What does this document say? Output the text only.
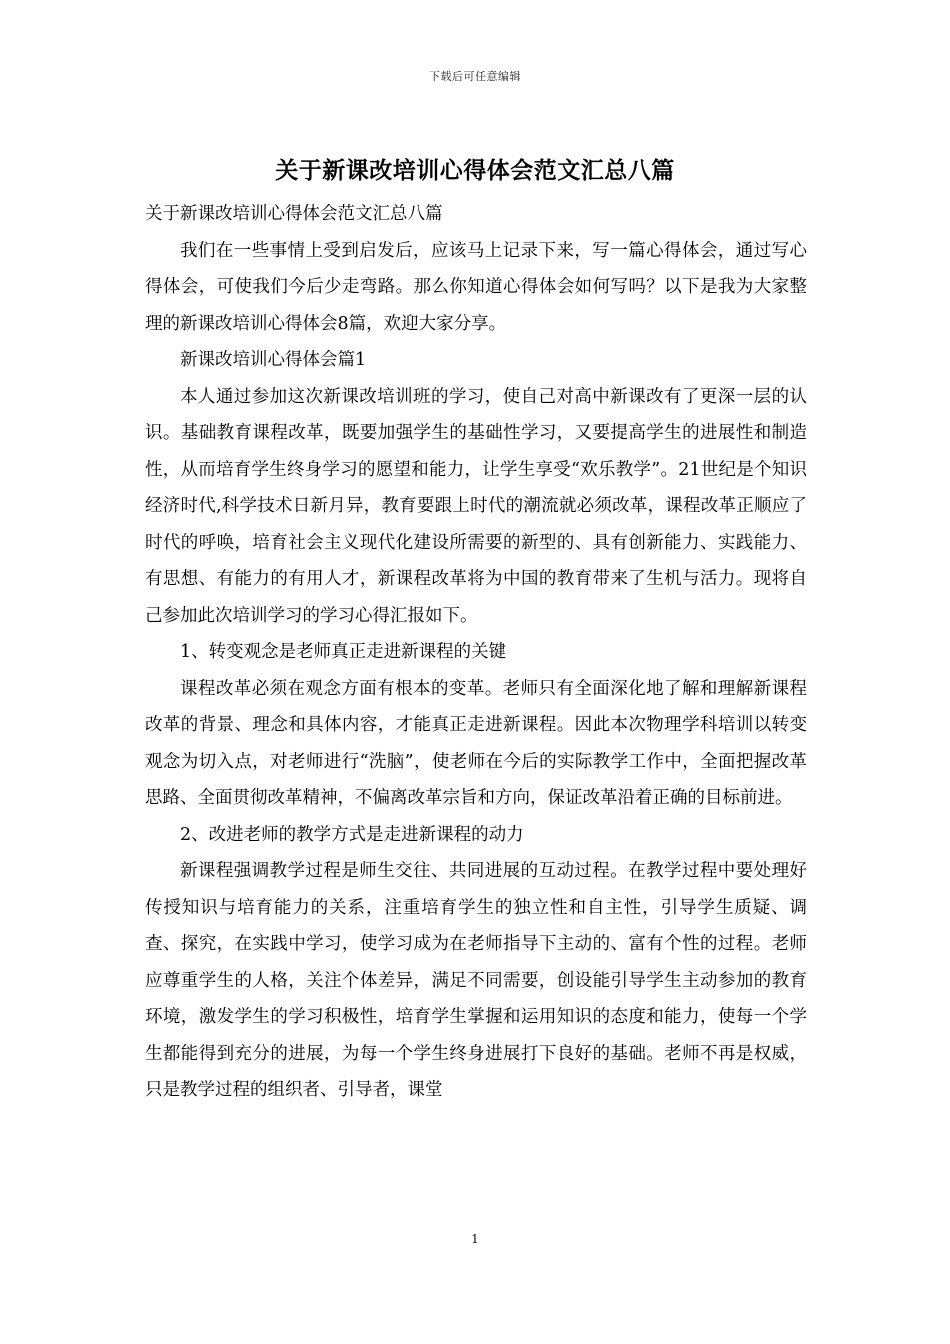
下载后可任意编辑
关于新课改培训心得体会范文汇总八篇

关于新课改培训心得体会范文汇总八篇

我们在一些事情上受到启发后，应该马上记录下来，写一篇心得体会，通过写心得体会，可使我们今后少走弯路。那么你知道心得体会如何写吗？以下是我为大家整理的新课改培训心得体会8篇，欢迎大家分享。

新课改培训心得体会篇1

本人通过参加这次新课改培训班的学习，使自己对高中新课改有了更深一层的认识。基础教育课程改革，既要加强学生的基础性学习，又要提高学生的进展性和制造性，从而培育学生终身学习的愿望和能力，让学生享受“欢乐教学”。21世纪是个知识经济时代,科学技术日新月异，教育要跟上时代的潮流就必须改革，课程改革正顺应了时代的呼唤，培育社会主义现代化建设所需要的新型的、具有创新能力、实践能力、有思想、有能力的有用人才，新课程改革将为中国的教育带来了生机与活力。现将自己参加此次培训学习的学习心得汇报如下。

1、转变观念是老师真正走进新课程的关键

课程改革必须在观念方面有根本的变革。老师只有全面深化地了解和理解新课程改革的背景、理念和具体内容，才能真正走进新课程。因此本次物理学科培训以转变观念为切入点，对老师进行“洗脑”，使老师在今后的实际教学工作中，全面把握改革思路、全面贯彻改革精神，不偏离改革宗旨和方向，保证改革沿着正确的目标前进。

2、改进老师的教学方式是走进新课程的动力

新课程强调教学过程是师生交往、共同进展的互动过程。在教学过程中要处理好传授知识与培育能力的关系，注重培育学生的独立性和自主性，引导学生质疑、调查、探究，在实践中学习，使学习成为在老师指导下主动的、富有个性的过程。老师应尊重学生的人格，关注个体差异，满足不同需要，创设能引导学生主动参加的教育环境，激发学生的学习积极性，培育学生掌握和运用知识的态度和能力，使每一个学生都能得到充分的进展，为每一个学生终身进展打下良好的基础。老师不再是权威，只是教学过程的组织者、引导者，课堂

1
